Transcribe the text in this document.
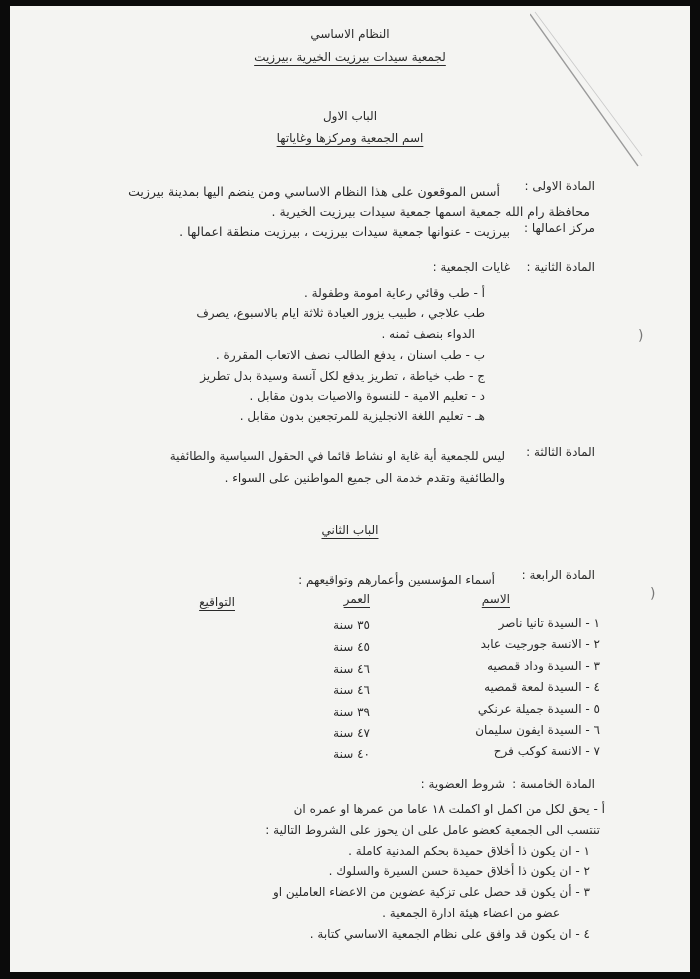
النظام الاساسي
لجمعية سيدات بيرزيت الخيرية ،بيرزيت
الباب الاول
اسم الجمعية ومركزها وغاياتها
المادة الاولى :
أسس الموقعون على هذا النظام الاساسي ومن ينضم اليها بمدينة بيرزيت
محافظة رام الله جمعية اسمها جمعية سيدات بيرزيت الخيرية .
مركز اعمالها :
بيرزيت - عنوانها جمعية سيدات بيرزيت ، بيرزيت منطقة اعمالها .
المادة الثانية :
غايات الجمعية :
أ - طب وقائي رعاية امومة وطفولة .
طب علاجي ، طبيب يزور العيادة ثلاثة ايام بالاسبوع، يصرف
الدواء بنصف ثمنه .
ب - طب اسنان ، يدفع الطالب نصف الاتعاب المقررة .
ج - طب خياطة ، تطريز يدفع لكل آنسة وسيدة بدل تطريز
د - تعليم الامية - للنسوة والاصيات بدون مقابل .
هـ - تعليم اللغة الانجليزية للمرتجعين بدون مقابل .
(
المادة الثالثة :
ليس للجمعية أية غاية او نشاط قائما في الحقول السياسية والطائفية
والطائفية وتقدم خدمة الى جميع المواطنين على السواء .
الباب الثاني
المادة الرابعة :
أسماء المؤسسين وأعمارهم وتواقيعهم :
الاسم
العمر
التواقيع	(
١ - السيدة تانيا ناصر
٣٥ سنة
٢ - الانسة جورجيت عابد
٤٥ سنة
٣ - السيدة وداد قمصيه
٤٦ سنة
٤ - السيدة لمعة قمصيه
٤٦ سنة
٥ - السيدة جميلة عرنكي
٣٩ سنة
٦ - السيدة ايفون سليمان
٤٧ سنة
٧ - الانسة كوكب فرح
٤٠ سنة
المادة الخامسة :
شروط العضوية :
أ - يحق لكل من اكمل او اكملت ١٨ عاما من عمرها او عمره ان
تنتسب الى الجمعية كعضو عامل على ان يحوز على الشروط التالية :
١ - ان يكون ذا أخلاق حميدة بحكم المدنية كاملة .
٢ - ان يكون ذا أخلاق حميدة حسن السيرة والسلوك .
٣ - أن يكون قد حصل على تزكية عضوين من الاعضاء العاملين او
عضو من اعضاء هيئة ادارة الجمعية .
٤ - ان يكون قد وافق على نظام الجمعية الاساسي كتابة .
